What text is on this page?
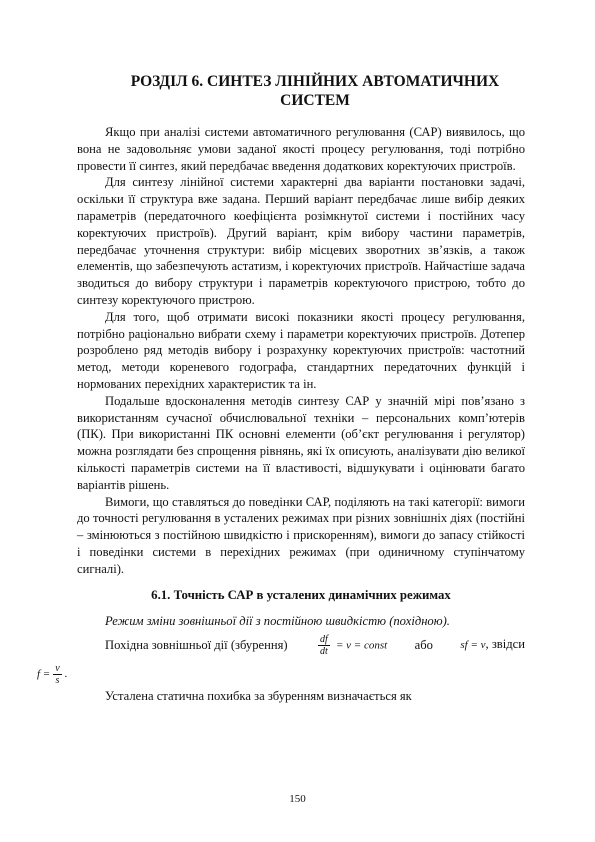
РОЗДІЛ 6. СИНТЕЗ ЛІНІЙНИХ АВТОМАТИЧНИХ
СИСТЕМ

Якщо при аналізі системи автоматичного регулювання (САР) виявилось, що вона не задовольняє умови заданої якості процесу регулювання, тоді потрібно провести її синтез, який передбачає введення додаткових коректуючих пристроїв.

Для синтезу лінійної системи характерні два варіанти постановки задачі, оскільки її структура вже задана. Перший варіант передбачає лише вибір деяких параметрів (передаточного коефіцієнта розімкнутої системи і постійних часу коректуючих пристроїв). Другий варіант, крім вибору частини параметрів, передбачає уточнення структури: вибір місцевих зворотних зв’язків, а також елементів, що забезпечують астатизм, і коректуючих пристроїв. Найчастіше задача зводиться до вибору структури і параметрів коректуючого пристрою, тобто до синтезу коректуючого пристрою.

Для того, щоб отримати високі показники якості процесу регулювання, потрібно раціонально вибрати схему і параметри коректуючих пристроїв. Дотепер розроблено ряд методів вибору і розрахунку коректуючих пристроїв: частотний метод, методи кореневого годографа, стандартних передаточних функцій і нормованих перехідних характеристик та ін.

Подальше вдосконалення методів синтезу САР у значній мірі пов’язано з використанням сучасної обчислювальної техніки – персональних комп’ютерів (ПК). При використанні ПК основні елементи (об’єкт регулювання і регулятор) можна розглядати без спрощення рівнянь, які їх описують, аналізувати дію великої кількості параметрів системи на її властивості, відшукувати і оцінювати багато варіантів рішень.

Вимоги, що ставляться до поведінки САР, поділяють на такі категорії: вимоги до точності регулювання в усталених режимах при різних зовнішніх діях (постійні – змінюються з постійною швидкістю і прискоренням), вимоги до запасу стійкості і поведінки системи в перехідних режимах (при одиничному ступінчатому сигналі).

6.1. Точність САР в усталених динамічних режимах

Режим зміни зовнішньої дії з постійною швидкістю (похідною).

Похідна зовнішньої дії (збурення)	$\frac{df}{dt} = \nu$ = const або sf = ν, звідси
$f = \frac{\nu}{s}$ .

Усталена статична похибка за збуренням визначається як

150
